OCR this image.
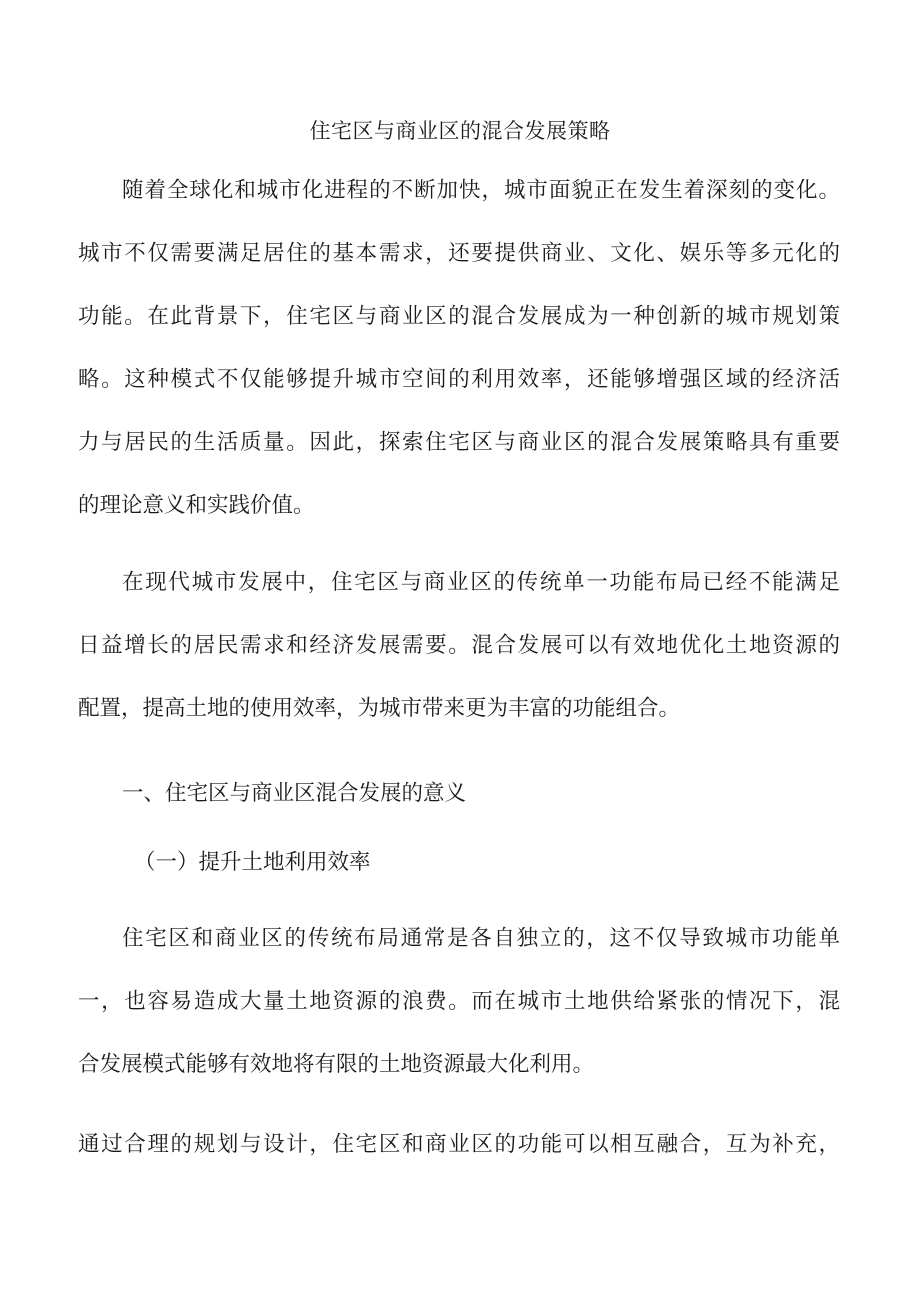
住宅区与商业区的混合发展策略
随着全球化和城市化进程的不断加快，城市面貌正在发生着深刻的变化。
城市不仅需要满足居住的基本需求，还要提供商业、文化、娱乐等多元化的
功能。在此背景下，住宅区与商业区的混合发展成为一种创新的城市规划策
略。这种模式不仅能够提升城市空间的利用效率，还能够增强区域的经济活
力与居民的生活质量。因此，探索住宅区与商业区的混合发展策略具有重要
的理论意义和实践价值。
在现代城市发展中，住宅区与商业区的传统单一功能布局已经不能满足
日益增长的居民需求和经济发展需要。混合发展可以有效地优化土地资源的
配置，提高土地的使用效率，为城市带来更为丰富的功能组合。
一、住宅区与商业区混合发展的意义
（一）提升土地利用效率
住宅区和商业区的传统布局通常是各自独立的，这不仅导致城市功能单
一，也容易造成大量土地资源的浪费。而在城市土地供给紧张的情况下，混
合发展模式能够有效地将有限的土地资源最大化利用。
通过合理的规划与设计，住宅区和商业区的功能可以相互融合，互为补充，
